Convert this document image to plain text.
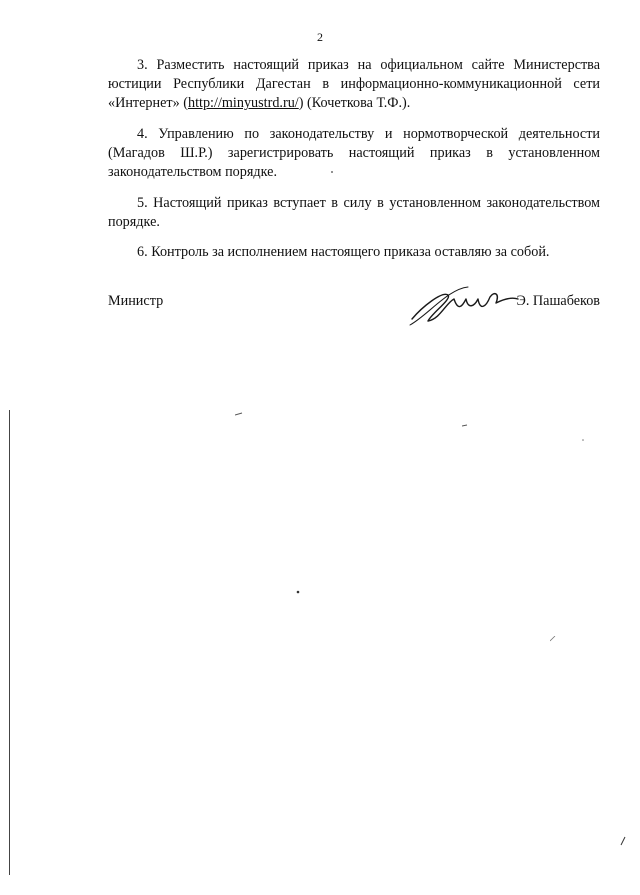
2

3. Разместить настоящий приказ на официальном сайте Министерства юстиции Республики Дагестан в информационно-коммуникационной сети «Интернет» (http://minyustrd.ru/) (Кочеткова Т.Ф.).

4. Управлению по законодательству и нормотворческой деятельности (Магадов Ш.Р.) зарегистрировать настоящий приказ в установленном законодательством порядке.

5. Настоящий приказ вступает в силу в установленном законодательством порядке.

6. Контроль за исполнением настоящего приказа оставляю за собой.

Министр	Э. Пашабеков
